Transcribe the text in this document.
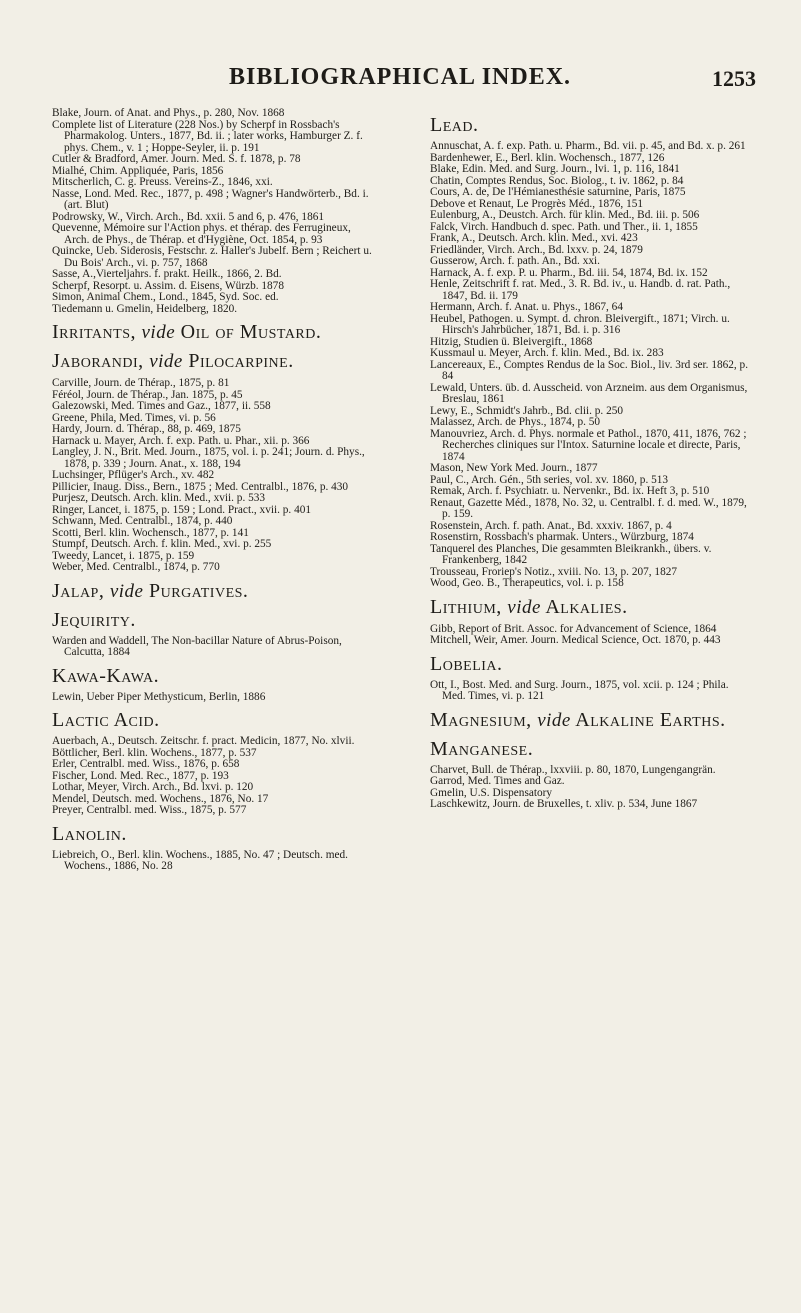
BIBLIOGRAPHICAL INDEX.	1253

Blake, Journ. of Anat. and Phys., p. 280, Nov. 1868

Complete list of Literature (228 Nos.) by Scherpf in Rossbach's Pharmakolog. Unters., 1877, Bd. ii. ; later works, Hamburger Z. f. phys. Chem., v. 1 ; Hoppe-Seyler, ii. p. 191

Cutler & Bradford, Amer. Journ. Med. S. f. 1878, p. 78

Mialhé, Chim. Appliquée, Paris, 1856

Mitscherlich, C. g. Preuss. Vereins-Z., 1846, xxi.

Nasse, Lond. Med. Rec., 1877, p. 498 ; Wagner's Handwörterb., Bd. i. (art. Blut)

Podrowsky, W., Virch. Arch., Bd. xxii. 5 and 6, p. 476, 1861

Quevenne, Mémoire sur l'Action phys. et thérap. des Ferrugineux, Arch. de Phys., de Thérap. et d'Hygiène, Oct. 1854, p. 93

Quincke, Ueb. Siderosis, Festschr. z. Haller's Jubelf. Bern ; Reichert u. Du Bois' Arch., vi. p. 757, 1868

Sasse, A.,Vierteljahrs. f. prakt. Heilk., 1866, 2. Bd.

Scherpf, Resorpt. u. Assim. d. Eisens, Würzb. 1878

Simon, Animal Chem., Lond., 1845, Syd. Soc. ed.

Tiedemann u. Gmelin, Heidelberg, 1820.

Irritants, vide Oil of Mustard.
Jaborandi, vide Pilocarpine.

Carville, Journ. de Thérap., 1875, p. 81

Féréol, Journ. de Thérap., Jan. 1875, p. 45

Galezowski, Med. Times and Gaz., 1877, ii. 558

Greene, Phila, Med. Times, vi. p. 56

Hardy, Journ. d. Thérap., 88, p. 469, 1875

Harnack u. Mayer, Arch. f. exp. Path. u. Phar., xii. p. 366

Langley, J. N., Brit. Med. Journ., 1875, vol. i. p. 241; Journ. d. Phys., 1878, p. 339 ; Journ. Anat., x. 188, 194

Luchsinger, Pflüger's Arch., xv. 482

Pillicier, Inaug. Diss., Bern., 1875 ; Med. Centralbl., 1876, p. 430

Purjesz, Deutsch. Arch. klin. Med., xvii. p. 533

Ringer, Lancet, i. 1875, p. 159 ; Lond. Pract., xvii. p. 401

Schwann, Med. Centralbl., 1874, p. 440

Scotti, Berl. klin. Wochensch., 1877, p. 141

Stumpf, Deutsch. Arch. f. klin. Med., xvi. p. 255

Tweedy, Lancet, i. 1875, p. 159

Weber, Med. Centralbl., 1874, p. 770

Jalap, vide Purgatives.
Jequirity.

Warden and Waddell, The Non-bacillar Nature of Abrus-Poison, Calcutta, 1884

Kawa-Kawa.

Lewin, Ueber Piper Methysticum, Berlin, 1886

Lactic Acid.

Auerbach, A., Deutsch. Zeitschr. f. pract. Medicin, 1877, No. xlvii.

Böttlicher, Berl. klin. Wochens., 1877, p. 537

Erler, Centralbl. med. Wiss., 1876, p. 658

Fischer, Lond. Med. Rec., 1877, p. 193

Lothar, Meyer, Virch. Arch., Bd. lxvi. p. 120

Mendel, Deutsch. med. Wochens., 1876, No. 17

Preyer, Centralbl. med. Wiss., 1875, p. 577

Lanolin.

Liebreich, O., Berl. klin. Wochens., 1885, No. 47 ; Deutsch. med. Wochens., 1886, No. 28

Lead.

Annuschat, A. f. exp. Path. u. Pharm., Bd. vii. p. 45, and Bd. x. p. 261

Bardenhewer, E., Berl. klin. Wochensch., 1877, 126

Blake, Edin. Med. and Surg. Journ., lvi. 1, p. 116, 1841

Chatin, Comptes Rendus, Soc. Biolog., t. iv. 1862, p. 84

Cours, A. de, De l'Hémianesthésie saturnine, Paris, 1875

Debove et Renaut, Le Progrès Méd., 1876, 151

Eulenburg, A., Deustch. Arch. für klin. Med., Bd. iii. p. 506

Falck, Virch. Handbuch d. spec. Path. und Ther., ii. 1, 1855

Frank, A., Deutsch. Arch. klin. Med., xvi. 423

Friedländer, Virch. Arch., Bd. lxxv. p. 24, 1879

Gusserow, Arch. f. path. An., Bd. xxi.

Harnack, A. f. exp. P. u. Pharm., Bd. iii. 54, 1874, Bd. ix. 152

Henle, Zeitschrift f. rat. Med., 3. R. Bd. iv., u. Handb. d. rat. Path., 1847, Bd. ii. 179

Hermann, Arch. f. Anat. u. Phys., 1867, 64

Heubel, Pathogen. u. Sympt. d. chron. Bleivergift., 1871; Virch. u. Hirsch's Jahrbücher, 1871, Bd. i. p. 316

Hitzig, Studien ü. Bleivergift., 1868

Kussmaul u. Meyer, Arch. f. klin. Med., Bd. ix. 283

Lancereaux, E., Comptes Rendus de la Soc. Biol., liv. 3rd ser. 1862, p. 84

Lewald, Unters. üb. d. Ausscheid. von Arzneim. aus dem Organismus, Breslau, 1861

Lewy, E., Schmidt's Jahrb., Bd. clii. p. 250

Malassez, Arch. de Phys., 1874, p. 50

Manouvriez, Arch. d. Phys. normale et Pathol., 1870, 411, 1876, 762 ; Recherches cliniques sur l'Intox. Saturnine locale et directe, Paris, 1874

Mason, New York Med. Journ., 1877

Paul, C., Arch. Gén., 5th series, vol. xv. 1860, p. 513

Remak, Arch. f. Psychiatr. u. Nervenkr., Bd. ix. Heft 3, p. 510

Renaut, Gazette Méd., 1878, No. 32, u. Centralbl. f. d. med. W., 1879, p. 159.

Rosenstein, Arch. f. path. Anat., Bd. xxxiv. 1867, p. 4

Rosenstirn, Rossbach's pharmak. Unters., Würzburg, 1874

Tanquerel des Planches, Die gesammten Bleikrankh., übers. v. Frankenberg, 1842

Trousseau, Froriep's Notiz., xviii. No. 13, p. 207, 1827

Wood, Geo. B., Therapeutics, vol. i. p. 158

Lithium, vide Alkalies.

Gibb, Report of Brit. Assoc. for Advancement of Science, 1864

Mitchell, Weir, Amer. Journ. Medical Science, Oct. 1870, p. 443

Lobelia.

Ott, I., Bost. Med. and Surg. Journ., 1875, vol. xcii. p. 124 ; Phila. Med. Times, vi. p. 121

Magnesium, vide Alkaline Earths.
Manganese.

Charvet, Bull. de Thérap., lxxviii. p. 80, 1870, Lungengangrän.

Garrod, Med. Times and Gaz.

Gmelin, U.S. Dispensatory

Laschkewitz, Journ. de Bruxelles, t. xliv. p. 534, June 1867
